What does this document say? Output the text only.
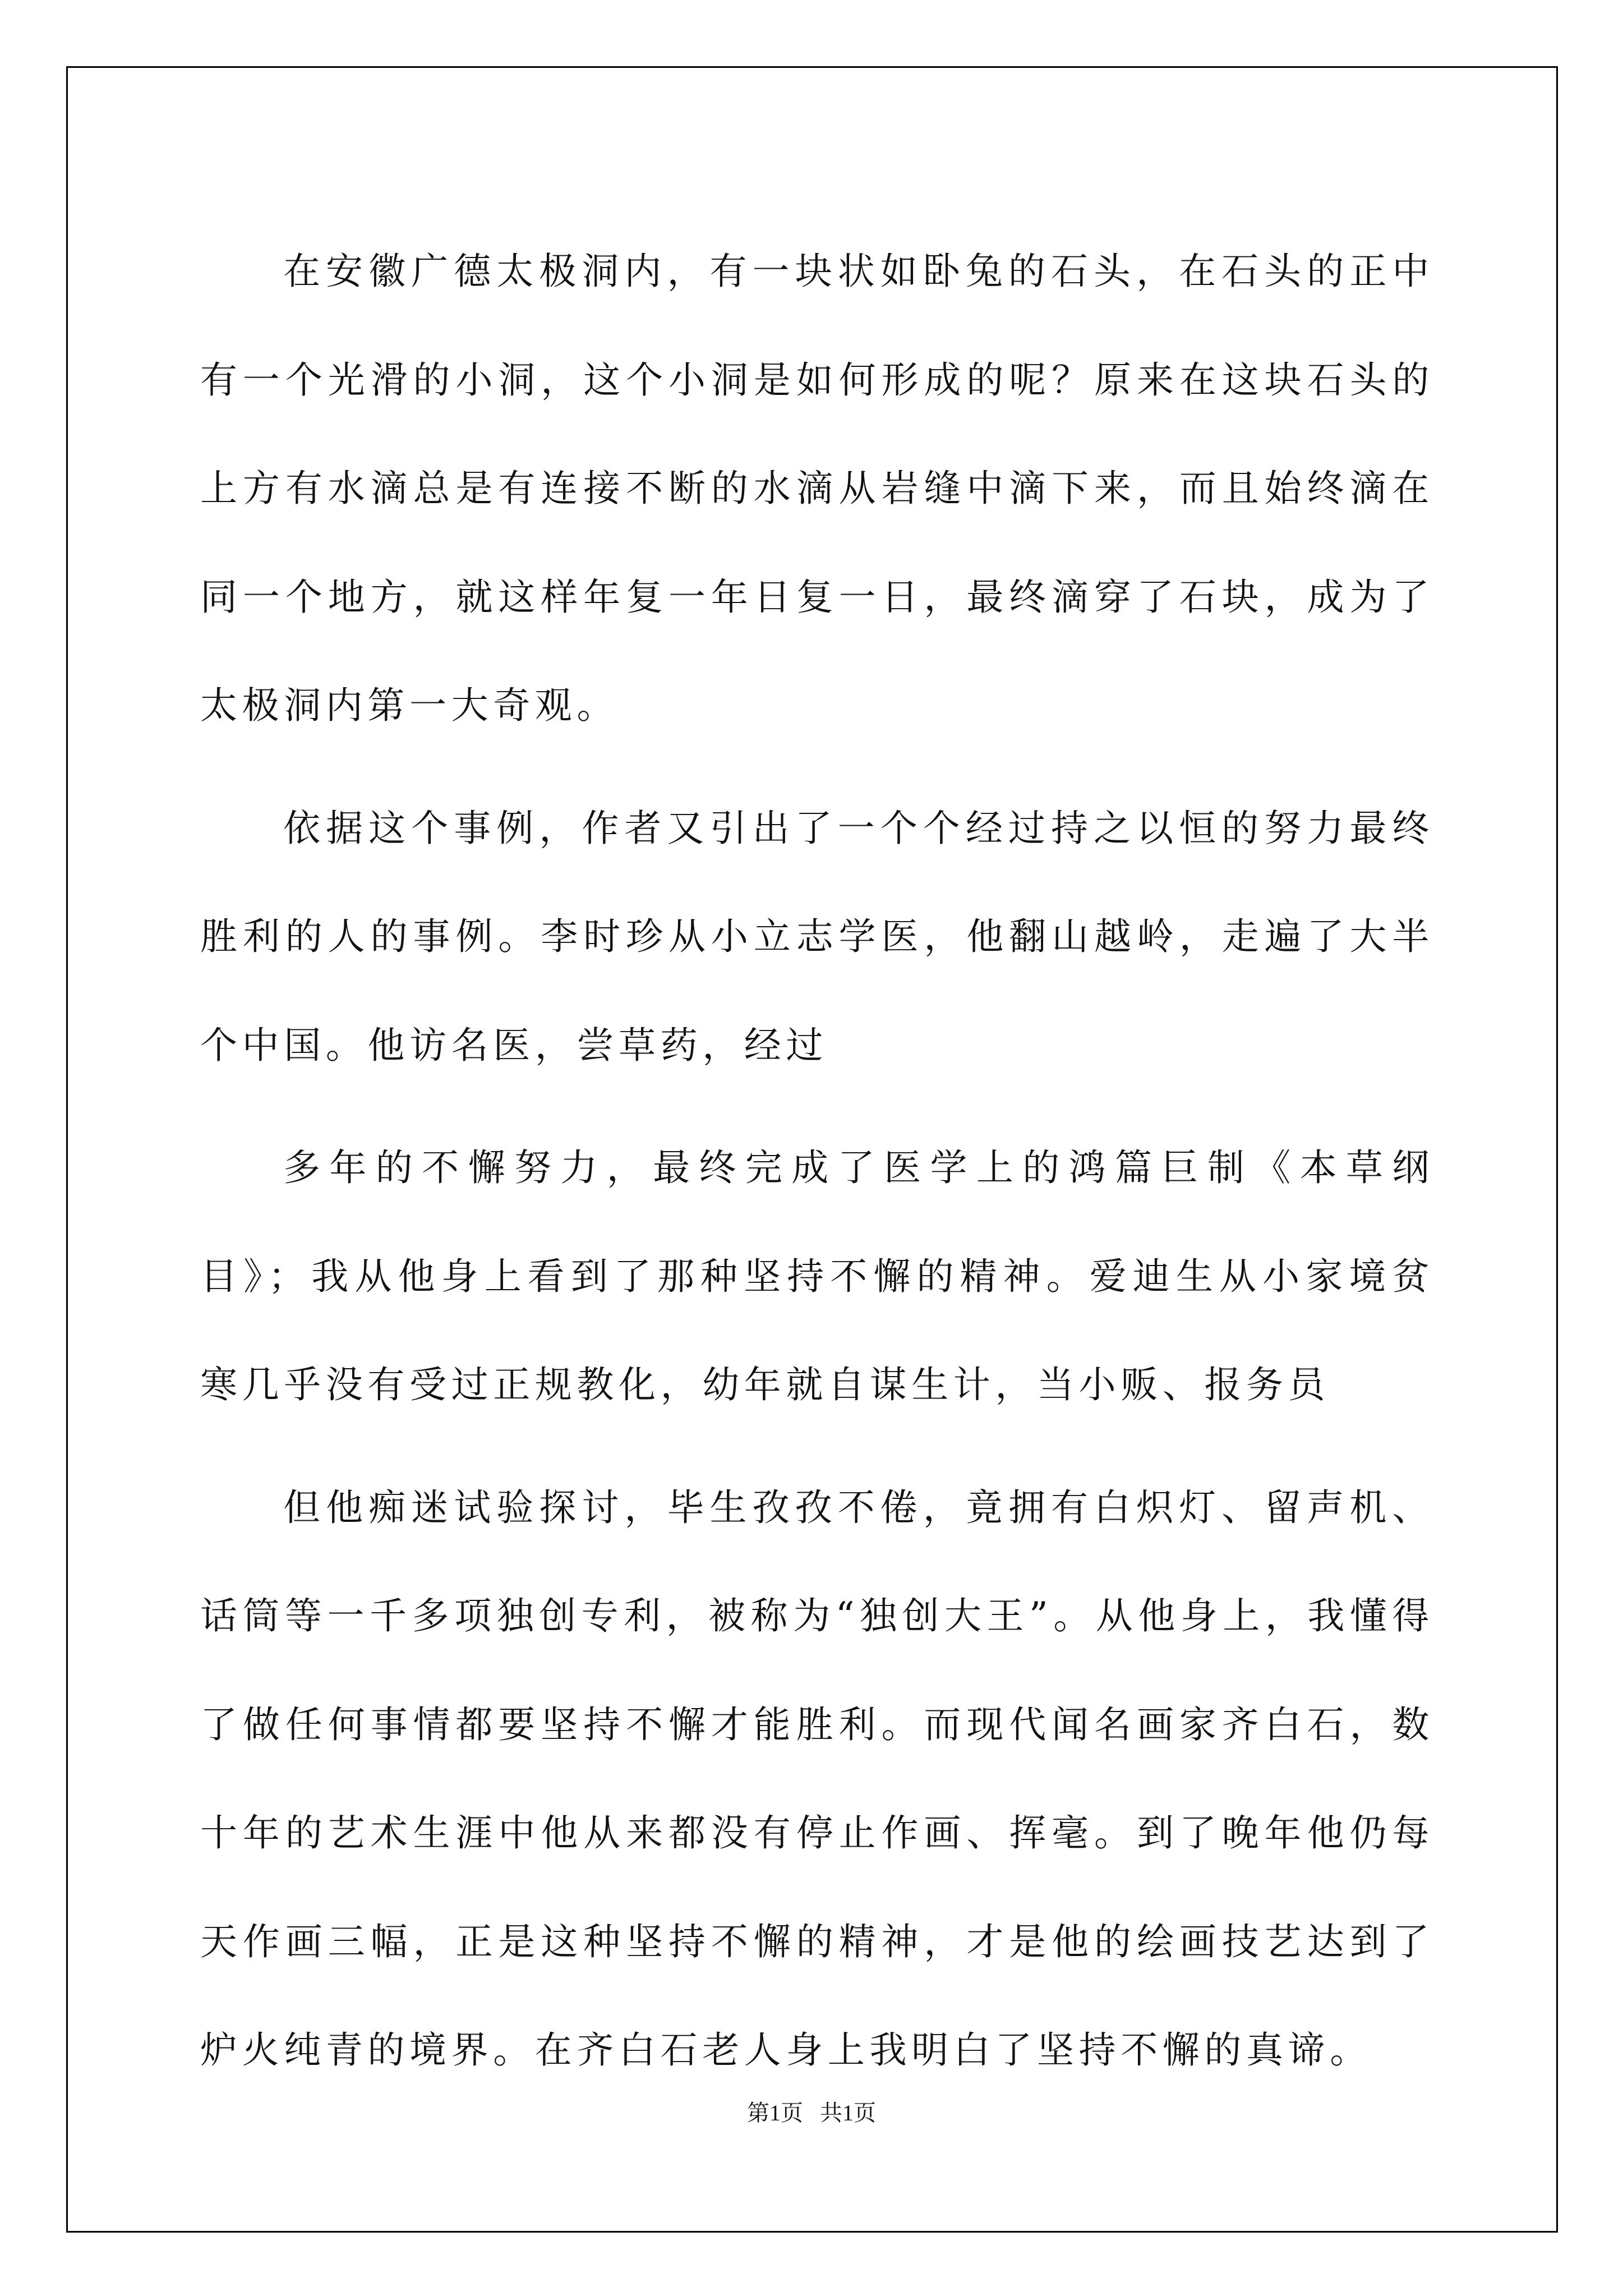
在安徽广德太极洞内，有一块状如卧兔的石头，在石头的正中有一个光滑的小洞，这个小洞是如何形成的呢？原来在这块石头的上方有水滴总是有连接不断的水滴从岩缝中滴下来，而且始终滴在同一个地方，就这样年复一年日复一日，最终滴穿了石块，成为了太极洞内第一大奇观。

依据这个事例，作者又引出了一个个经过持之以恒的努力最终胜利的人的事例。李时珍从小立志学医，他翻山越岭，走遍了大半个中国。他访名医，尝草药，经过

多年的不懈努力，最终完成了医学上的鸿篇巨制《本草纲目》；我从他身上看到了那种坚持不懈的精神。爱迪生从小家境贫寒几乎没有受过正规教化，幼年就自谋生计，当小贩、报务员

但他痴迷试验探讨，毕生孜孜不倦，竟拥有白炽灯、留声机、话筒等一千多项独创专利，被称为“独创大王”。从他身上，我懂得了做任何事情都要坚持不懈才能胜利。而现代闻名画家齐白石，数十年的艺术生涯中他从来都没有停止作画、挥毫。到了晚年他仍每天作画三幅，正是这种坚持不懈的精神，才是他的绘画技艺达到了炉火纯青的境界。在齐白石老人身上我明白了坚持不懈的真谛。

第1页   共1页
